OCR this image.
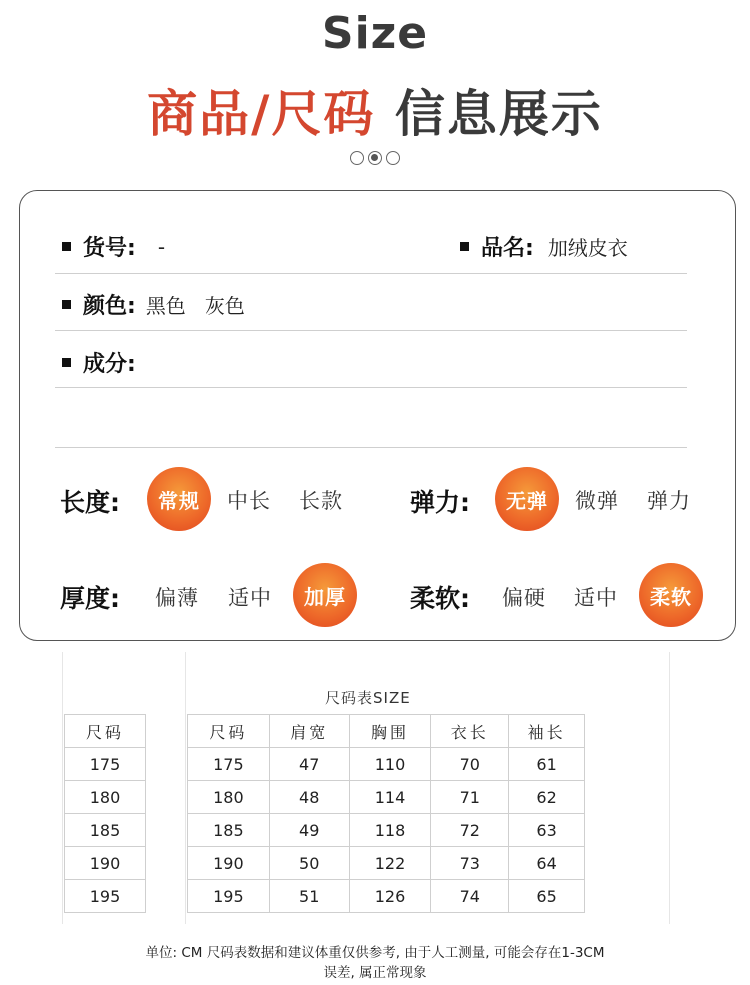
Size
商品/尺码 信息展示
货号: -	品名: 加绒皮衣
颜色: 黑色   灰色
成分:
长度:	常规	中长 长款	弹力:	无弹	微弹 弹力
厚度: 偏薄 适中	加厚	柔软: 偏硬 适中	柔软
尺码表SIZE
尺码
175
180
185
190
195
尺码	肩宽	胸围	衣长	袖长
175	47	110	70	61
180	48	114	71	62
185	49	118	72	63
190	50	122	73	64
195	51	126	74	65
单位: CM 尺码表数据和建议体重仅供参考, 由于人工测量, 可能会存在1-3CM
误差, 属正常现象
